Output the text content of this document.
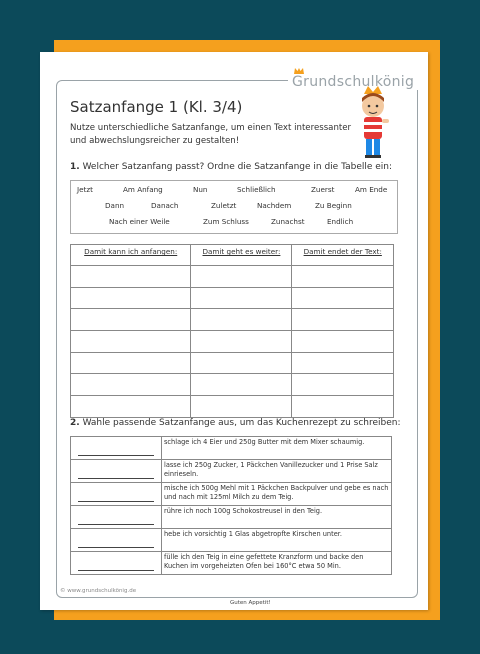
Grundschulkönig
Satzanfange 1 (Kl. 3/4)
Nutze unterschiedliche Satzanfange, um einen Text interessanter und abwechslungsreicher zu gestalten!
1. Welcher Satzanfang passt? Ordne die Satzanfange in die Tabelle ein:
Jetzt	Am Anfang	Nun	Schließlich	Zuerst	Am Ende
Dann	Danach	Zuletzt	Nachdem	Zu Beginn
Nach einer Weile	Zum Schluss	Zunachst	Endlich
Damit kann ich anfangen:	Damit geht es weiter:	Damit endet der Text:

2. Wahle passende Satzanfange aus, um das Kuchenrezept zu schreiben:
	schlage ich 4 Eier und 250g Butter mit dem Mixer schaumig.

	lasse ich 250g Zucker, 1 Päckchen Vanillezucker und 1 Prise Salz einrieseln.

	mische ich 500g Mehl mit 1 Päckchen Backpulver und gebe es nach und nach mit 125ml Milch zu dem Teig.

	rühre ich noch 100g Schokostreusel in den Teig.

	hebe ich vorsichtig 1 Glas abgetropfte Kirschen unter.

	fülle ich den Teig in eine gefettete Kranzform und backe den Kuchen im vorgeheizten Ofen bei 160°C etwa 50 Min.
Guten Appetit!
© www.grundschulkönig.de
